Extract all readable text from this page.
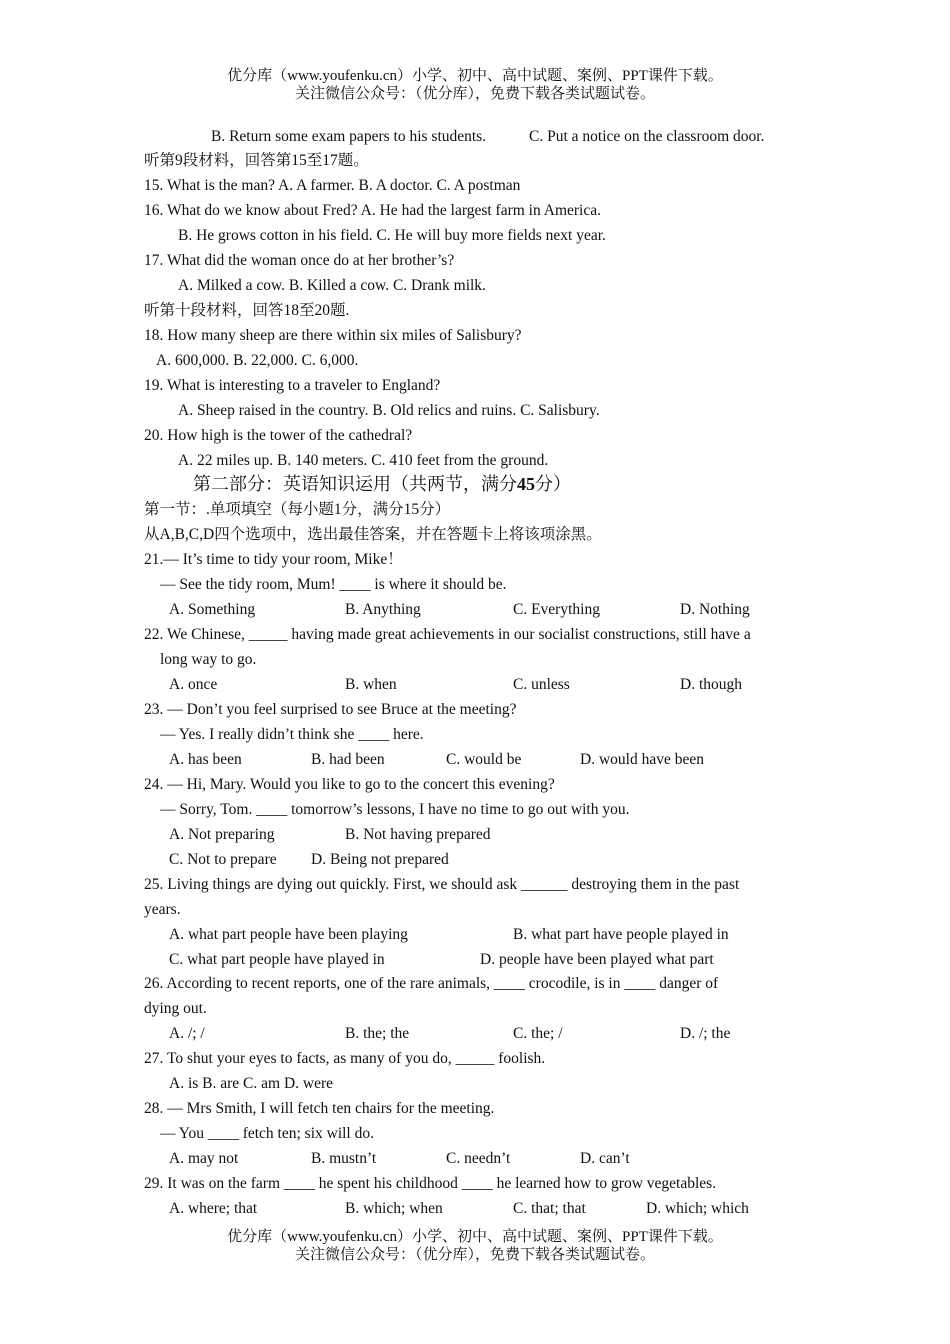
优分库（www.youfenku.cn）小学、初中、高中试题、案例、PPT课件下载。
关注微信公众号：（优分库），免费下载各类试题试卷。
B. Return some exam papers to his students.	C. Put a notice on the classroom door.
听第9段材料，回答第15至17题。
15. What is the man? A. A farmer. B. A doctor. C. A postman
16. What do we know about Fred? A. He had the largest farm in America.
B. He grows cotton in his field. C. He will buy more fields next year.
17. What did the woman once do at her brother’s?
A. Milked a cow. B. Killed a cow. C. Drank milk.
听第十段材料，回答18至20题.
18. How many sheep are there within six miles of Salisbury?
A. 600,000. B. 22,000. C. 6,000.
19. What is interesting to a traveler to England?
A. Sheep raised in the country. B. Old relics and ruins. C. Salisbury.
20. How high is the tower of the cathedral?
A. 22 miles up. B. 140 meters. C. 410 feet from the ground.
第二部分：英语知识运用（共两节，满分45分）
第一节：.单项填空（每小题1分，满分15分）
从A,B,C,D四个选项中，选出最佳答案，并在答题卡上将该项涂黑。
21.— It’s time to tidy your room, Mike！
— See the tidy room, Mum! ____ is where it should be.
A. Something	B. Anything	C. Everything	D. Nothing
22. We Chinese, _____ having made great achievements in our socialist constructions, still have a
long way to go.
A. once	B. when	C. unless	D. though
23. — Don’t you feel surprised to see Bruce at the meeting?
— Yes. I really didn’t think she ____ here.
A. has been	B. had been	C. would be	D. would have been
24. — Hi, Mary. Would you like to go to the concert this evening?
— Sorry, Tom. ____ tomorrow’s lessons, I have no time to go out with you.
A. Not preparing	B. Not having prepared
C. Not to prepare D. Being not prepared
25. Living things are dying out quickly. First, we should ask ______ destroying them in the past
years.
A. what part people have been playing	B. what part have people played in
C. what part people have played in	D. people have been played what part
26. According to recent reports, one of the rare animals, ____ crocodile, is in ____ danger of
dying out.
A. /; /	B. the; the	C. the; /	D. /; the
27. To shut your eyes to facts, as many of you do, _____ foolish.
A. is B. are C. am D. were
28. — Mrs Smith, I will fetch ten chairs for the meeting.
— You ____ fetch ten; six will do.
A. may not	B. mustn’t	C. needn’t	D. can’t
29. It was on the farm ____ he spent his childhood ____ he learned how to grow vegetables.
A. where; that	B. which; when	C. that; that	D. which; which
优分库（www.youfenku.cn）小学、初中、高中试题、案例、PPT课件下载。
关注微信公众号：（优分库），免费下载各类试题试卷。
